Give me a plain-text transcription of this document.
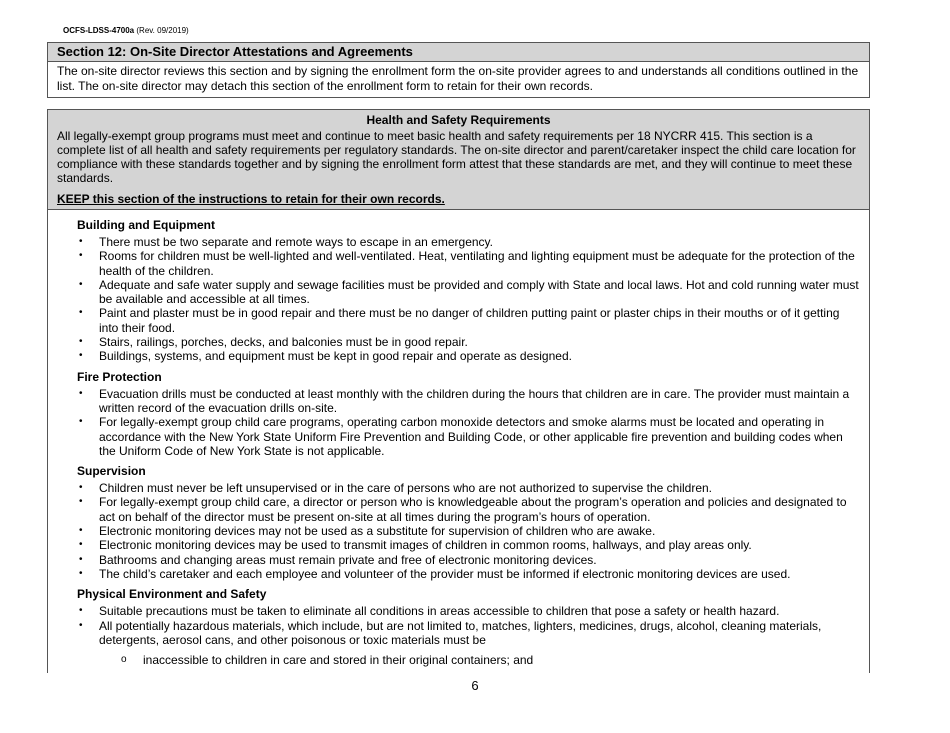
OCFS-LDSS-4700a (Rev. 09/2019)
Section 12: On-Site Director Attestations and Agreements
The on-site director reviews this section and by signing the enrollment form the on-site provider agrees to and understands all conditions outlined in the list. The on-site director may detach this section of the enrollment form to retain for their own records.
Health and Safety Requirements
All legally-exempt group programs must meet and continue to meet basic health and safety requirements per 18 NYCRR 415. This section is a complete list of all health and safety requirements per regulatory standards. The on-site director and parent/caretaker inspect the child care location for compliance with these standards together and by signing the enrollment form attest that these standards are met, and they will continue to meet these standards.
KEEP this section of the instructions to retain for their own records.
Building and Equipment
• There must be two separate and remote ways to escape in an emergency.
• Rooms for children must be well-lighted and well-ventilated. Heat, ventilating and lighting equipment must be adequate for the protection of the health of the children.
• Adequate and safe water supply and sewage facilities must be provided and comply with State and local laws. Hot and cold running water must be available and accessible at all times.
• Paint and plaster must be in good repair and there must be no danger of children putting paint or plaster chips in their mouths or of it getting into their food.
• Stairs, railings, porches, decks, and balconies must be in good repair.
• Buildings, systems, and equipment must be kept in good repair and operate as designed.
Fire Protection
• Evacuation drills must be conducted at least monthly with the children during the hours that children are in care. The provider must maintain a written record of the evacuation drills on-site.
• For legally-exempt group child care programs, operating carbon monoxide detectors and smoke alarms must be located and operating in accordance with the New York State Uniform Fire Prevention and Building Code, or other applicable fire prevention and building codes when the Uniform Code of New York State is not applicable.
Supervision
• Children must never be left unsupervised or in the care of persons who are not authorized to supervise the children.
• For legally-exempt group child care, a director or person who is knowledgeable about the program’s operation and policies and designated to act on behalf of the director must be present on-site at all times during the program’s hours of operation.
• Electronic monitoring devices may not be used as a substitute for supervision of children who are awake.
• Electronic monitoring devices may be used to transmit images of children in common rooms, hallways, and play areas only.
• Bathrooms and changing areas must remain private and free of electronic monitoring devices.
• The child’s caretaker and each employee and volunteer of the provider must be informed if electronic monitoring devices are used.
Physical Environment and Safety
• Suitable precautions must be taken to eliminate all conditions in areas accessible to children that pose a safety or health hazard.
• All potentially hazardous materials, which include, but are not limited to, matches, lighters, medicines, drugs, alcohol, cleaning materials, detergents, aerosol cans, and other poisonous or toxic materials must be
o inaccessible to children in care and stored in their original containers; and
6
